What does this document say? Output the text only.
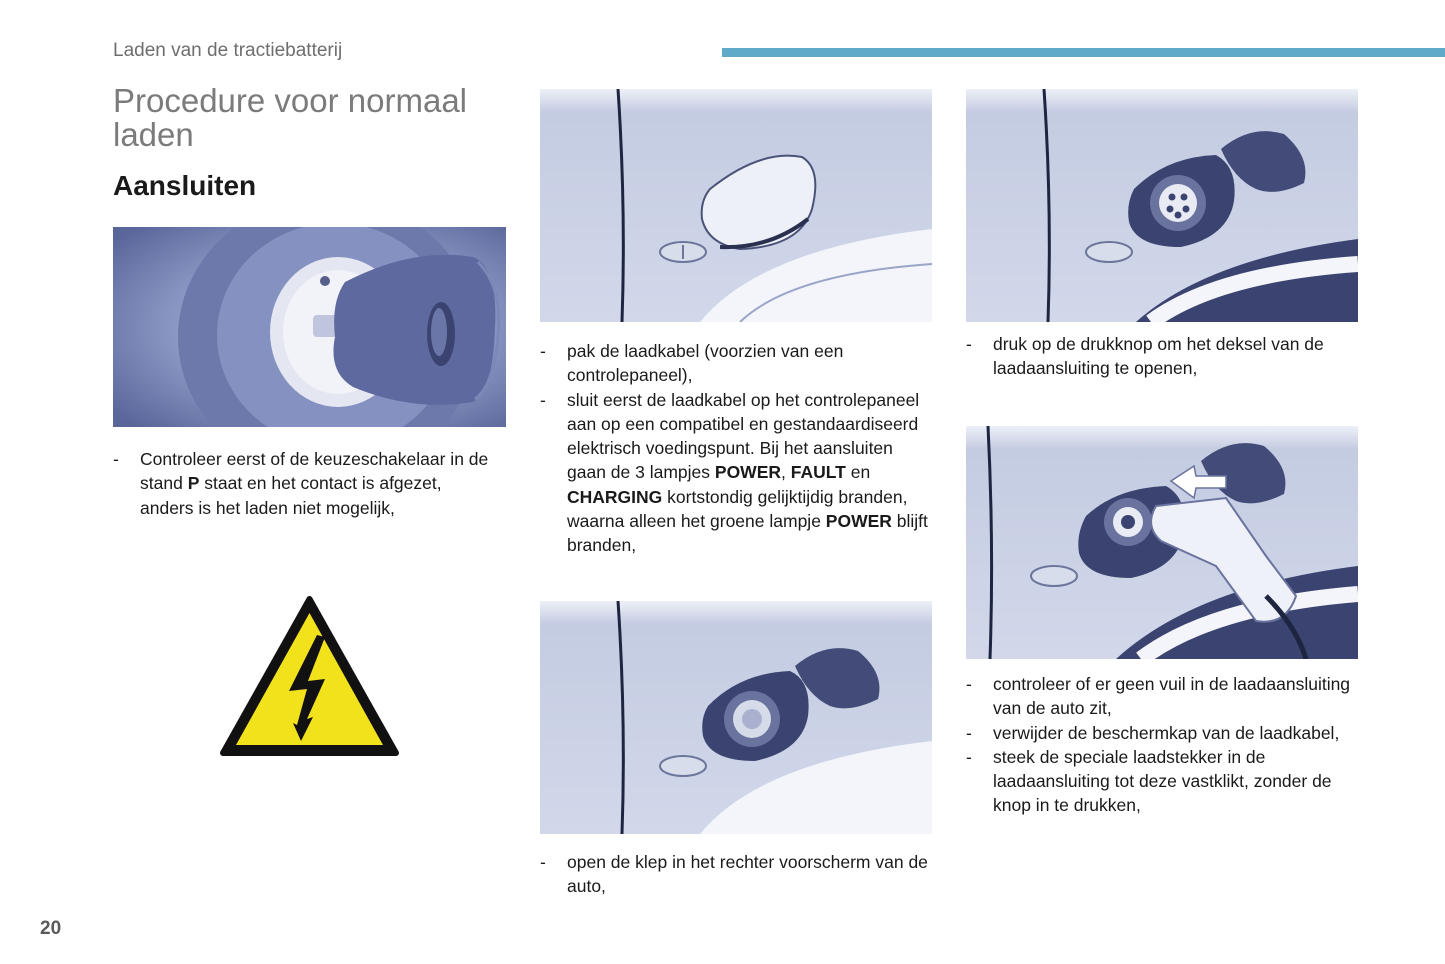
Laden van de tractiebatterij
Procedure voor normaal laden
Aansluiten
- Controleer eerst of de keuzeschakelaar in de stand P staat en het contact is afgezet, anders is het laden niet mogelijk,
- pak de laadkabel (voorzien van een controlepaneel),
- sluit eerst de laadkabel op het controlepaneel aan op een compatibel en gestandaardiseerd elektrisch voedingspunt. Bij het aansluiten gaan de 3 lampjes POWER, FAULT en CHARGING kortstondig gelijktijdig branden, waarna alleen het groene lampje POWER blijft branden,
- open de klep in het rechter voorscherm van de auto,
- druk op de drukknop om het deksel van de laadaansluiting te openen,
- controleer of er geen vuil in de laadaansluiting van de auto zit,
- verwijder de beschermkap van de laadkabel,
- steek de speciale laadstekker in de laadaansluiting tot deze vastklikt, zonder de knop in te drukken,
20
